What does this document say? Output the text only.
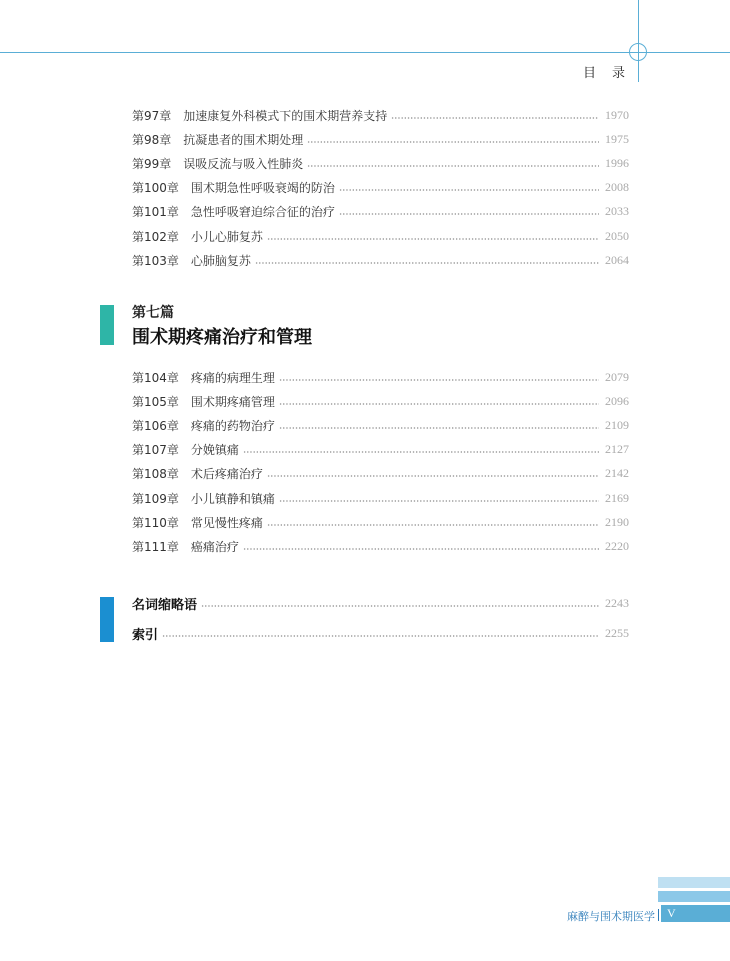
目录
第97章 加速康复外科模式下的围术期营养支持	1970
第98章 抗凝患者的围术期处理	1975
第99章 误吸反流与吸入性肺炎	1996
第100章 围术期急性呼吸衰竭的防治	2008
第101章 急性呼吸窘迫综合征的治疗	2033
第102章 小儿心肺复苏	2050
第103章 心肺脑复苏	2064
第七篇
围术期疼痛治疗和管理
第104章 疼痛的病理生理	2079
第105章 围术期疼痛管理	2096
第106章 疼痛的药物治疗	2109
第107章 分娩镇痛	2127
第108章 术后疼痛治疗	2142
第109章 小儿镇静和镇痛	2169
第110章 常见慢性疼痛	2190
第111章 癌痛治疗	2220
名词缩略语	2243
索引	2255
麻醉与围术期医学	V
